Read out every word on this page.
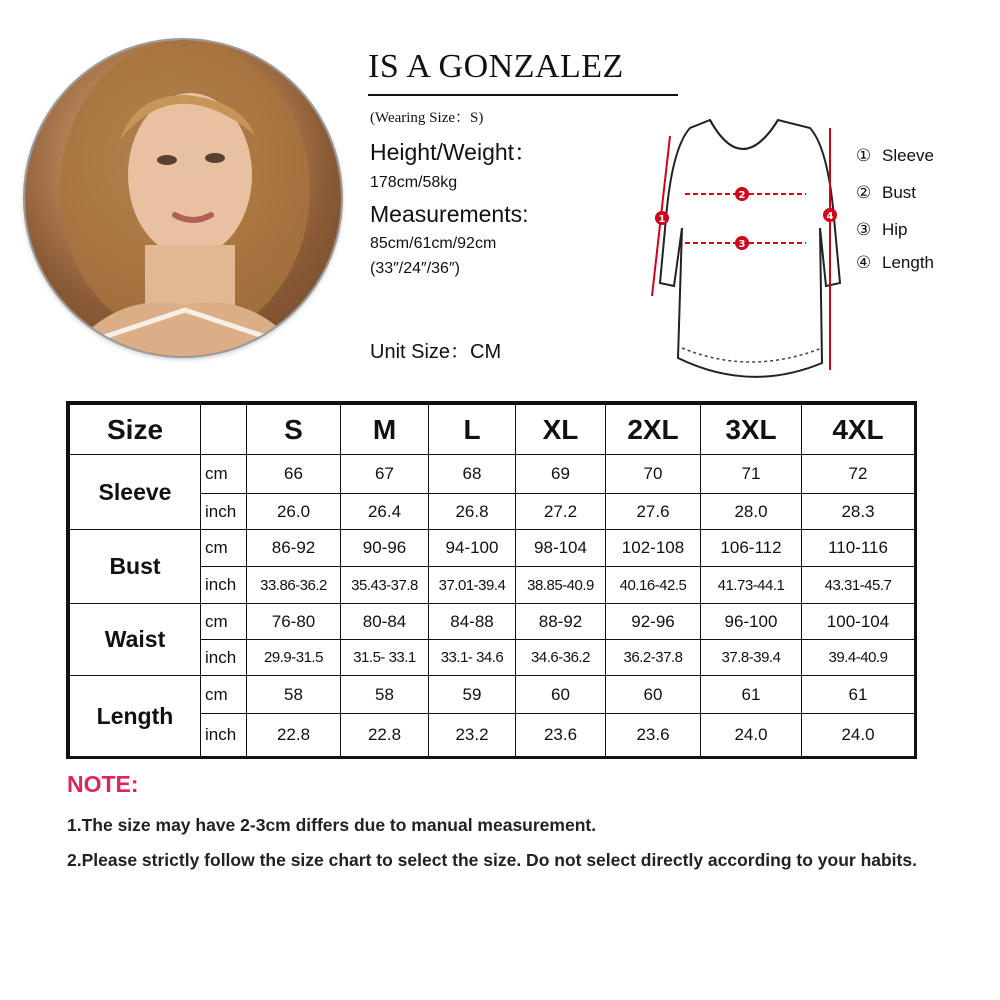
IS A GONZALEZ
(Wearing Size：S)
Height/Weight：
178cm/58kg
Measurements:
85cm/61cm/92cm
(33″/24″/36″)
Unit Size：CM
1
2
3
4
① Sleeve
② Bust
③ Hip
④ Length
Size		S	M	L	XL	2XL	3XL	4XL
Sleeve	cm	66	67	68	69	70	71	72
	inch	26.0	26.4	26.8	27.2	27.6	28.0	28.3
Bust	cm	86-92	90-96	94-100	98-104	102-108	106-112	110-116
	inch	33.86-36.2	35.43-37.8	37.01-39.4	38.85-40.9	40.16-42.5	41.73-44.1	43.31-45.7
Waist	cm	76-80	80-84	84-88	88-92	92-96	96-100	100-104
	inch	29.9-31.5	31.5- 33.1	33.1- 34.6	34.6-36.2	36.2-37.8	37.8-39.4	39.4-40.9
Length	cm	58	58	59	60	60	61	61
	inch	22.8	22.8	23.2	23.6	23.6	24.0	24.0
NOTE:
1.The size may have 2-3cm differs due to manual measurement.
2.Please strictly follow the size chart to select the size. Do not select directly according to your habits.
